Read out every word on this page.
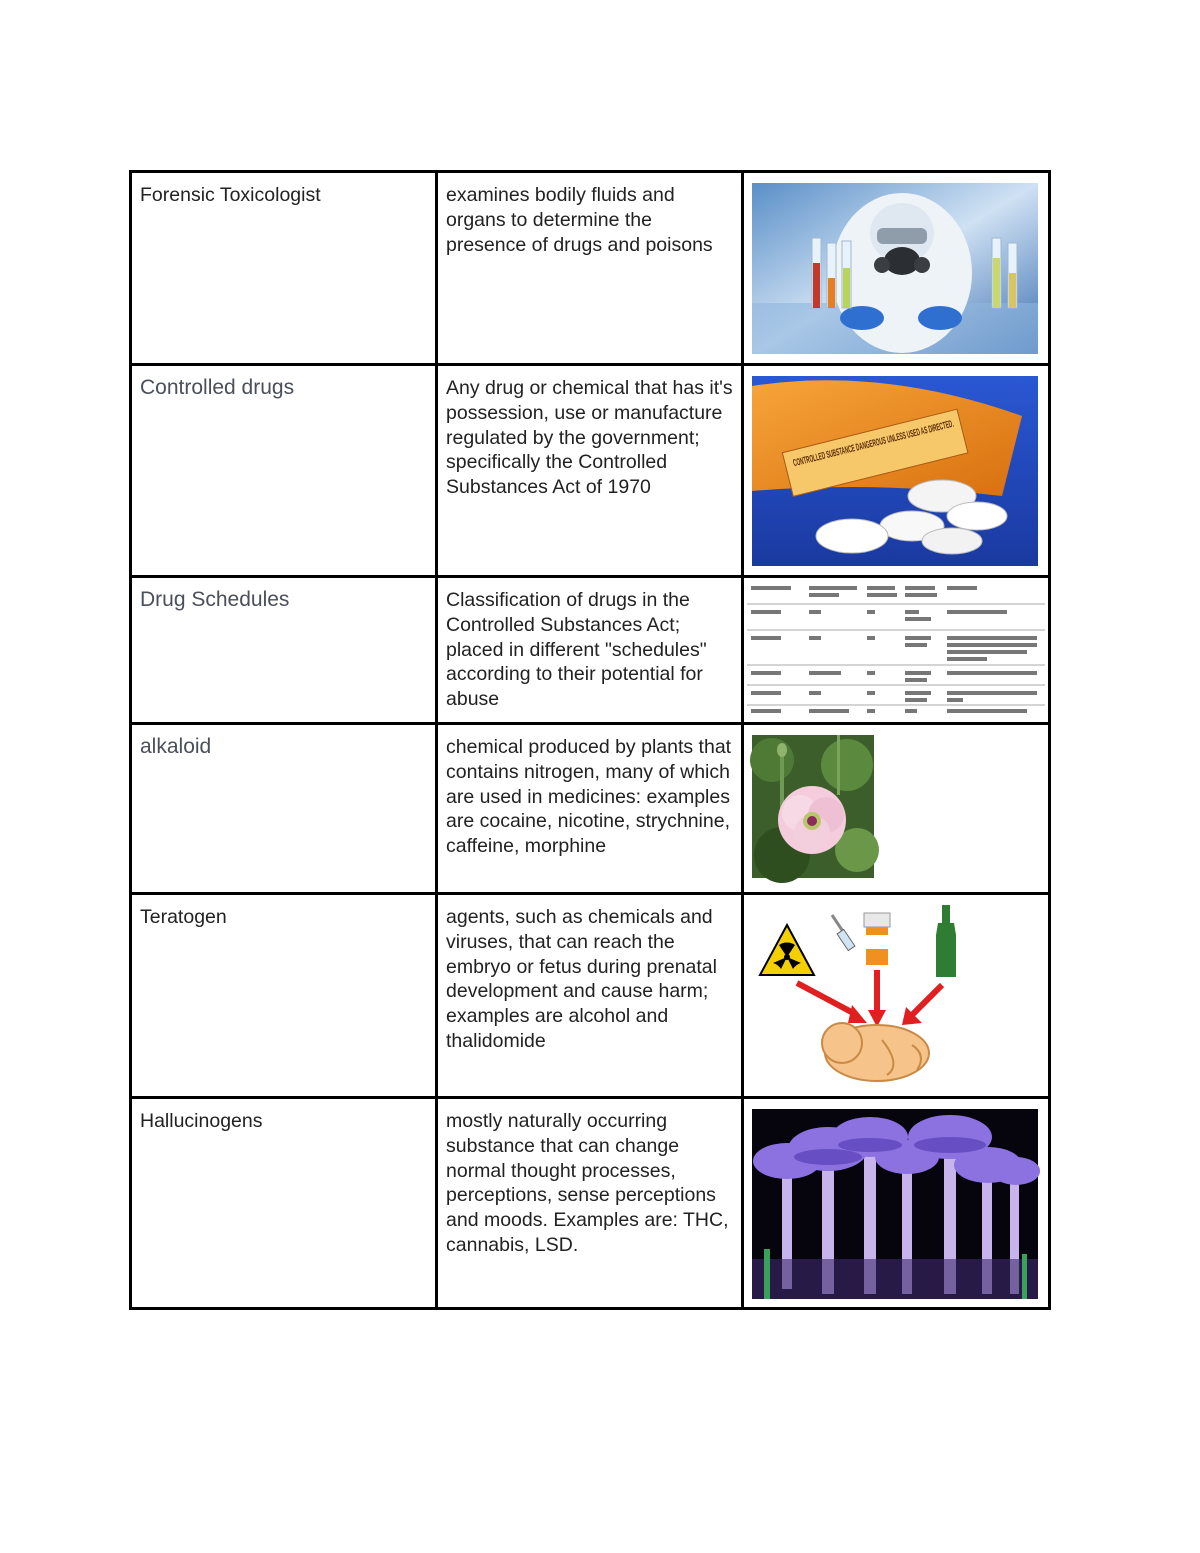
Forensic Toxicologist	examines bodily fluids and organs to determine the presence of drugs and poisons	

Controlled drugs	Any drug or chemical that has it's possession, use or manufacture regulated by the government; specifically the Controlled Substances Act of 1970	

Drug Schedules	Classification of drugs in the Controlled Substances Act; placed in different "schedules" according to their potential for abuse	

alkaloid	chemical produced by plants that contains nitrogen, many of which are used in medicines: examples are cocaine, nicotine, strychnine, caffeine, morphine	

Teratogen	agents, such as chemicals and viruses, that can reach the embryo or fetus during prenatal development and cause harm; examples are alcohol and thalidomide	

Hallucinogens	mostly naturally occurring substance that can change normal thought processes, perceptions, sense perceptions and moods. Examples are: THC, cannabis, LSD.	
